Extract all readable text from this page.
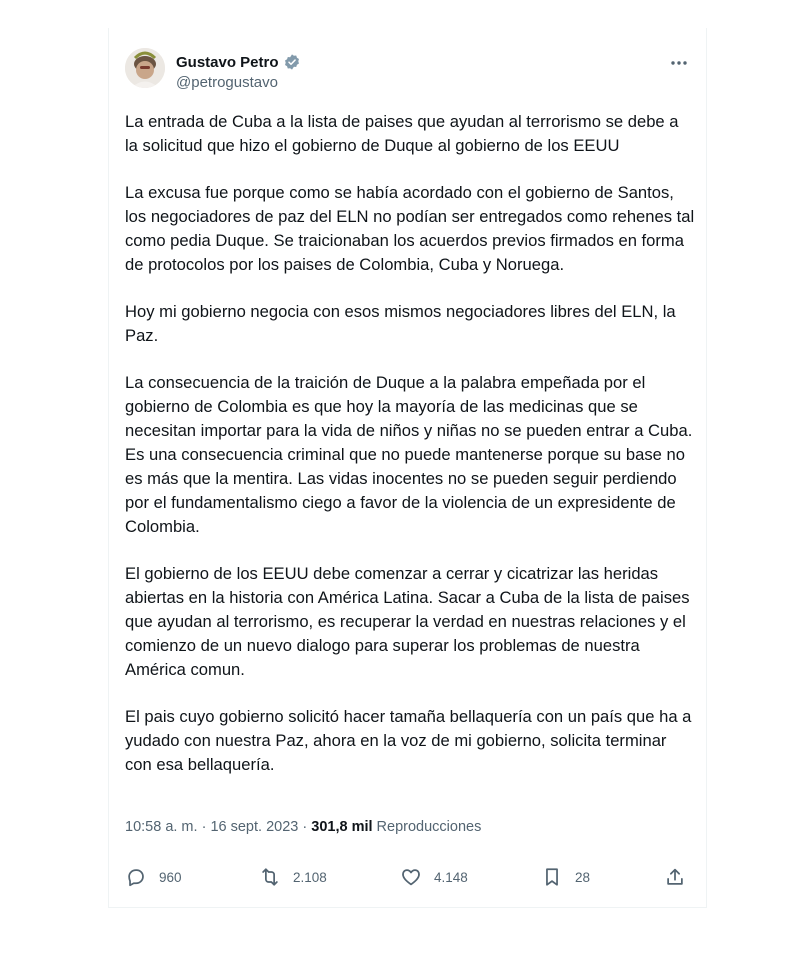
Gustavo Petro
@petrogustavo

La entrada de Cuba a la lista de paises que ayudan al terrorismo se debe a la solicitud que hizo el gobierno de Duque al gobierno de los EEUU

La excusa fue porque como se había acordado con el gobierno de Santos, los negociadores de paz del ELN no podían ser entregados como rehenes tal como pedia Duque. Se traicionaban los acuerdos previos firmados en forma de protocolos por los paises de Colombia, Cuba y Noruega.

Hoy mi gobierno negocia con esos mismos negociadores libres del ELN, la Paz.

La consecuencia de la traición de Duque a la palabra empeñada por el gobierno de Colombia es que hoy la mayoría de las medicinas que se necesitan importar para la vida de niños y niñas no se pueden entrar a Cuba. Es una consecuencia criminal que no puede mantenerse porque su base no es más que la mentira. Las vidas inocentes no se pueden seguir perdiendo por el fundamentalismo ciego a favor de la violencia de un expresidente de Colombia.

El gobierno de los EEUU debe comenzar a cerrar y cicatrizar las heridas abiertas en la historia con América Latina. Sacar a Cuba de la lista de paises que ayudan al terrorismo, es recuperar la verdad en nuestras relaciones y el comienzo de un nuevo dialogo para superar los problemas de nuestra América comun.

El pais cuyo gobierno solicitó hacer tamaña bellaquería con un país que ha a yudado con nuestra Paz, ahora en la voz de mi gobierno, solicita terminar con esa bellaquería.

10:58 a. m. · 16 sept. 2023 · 301,8 mil Reproducciones
960	2.108	4.148	28
